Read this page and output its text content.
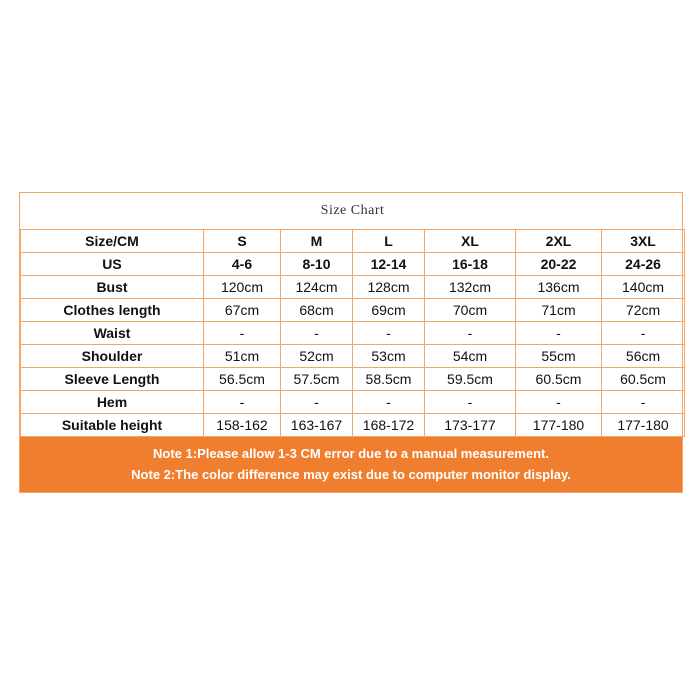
Size Chart						
Size/CM	S	M	L	XL	2XL	3XL
US	4-6	8-10	12-14	16-18	20-22	24-26
Bust	120cm	124cm	128cm	132cm	136cm	140cm
Clothes length	67cm	68cm	69cm	70cm	71cm	72cm
Waist	-	-	-	-	-	-
Shoulder	51cm	52cm	53cm	54cm	55cm	56cm
Sleeve Length	56.5cm	57.5cm	58.5cm	59.5cm	60.5cm	60.5cm
Hem	-	-	-	-	-	-
Suitable height	158-162	163-167	168-172	173-177	177-180	177-180
Note 1:Please allow 1-3 CM error due to a manual measurement.
Note 2:The color difference may exist due to computer monitor display.
